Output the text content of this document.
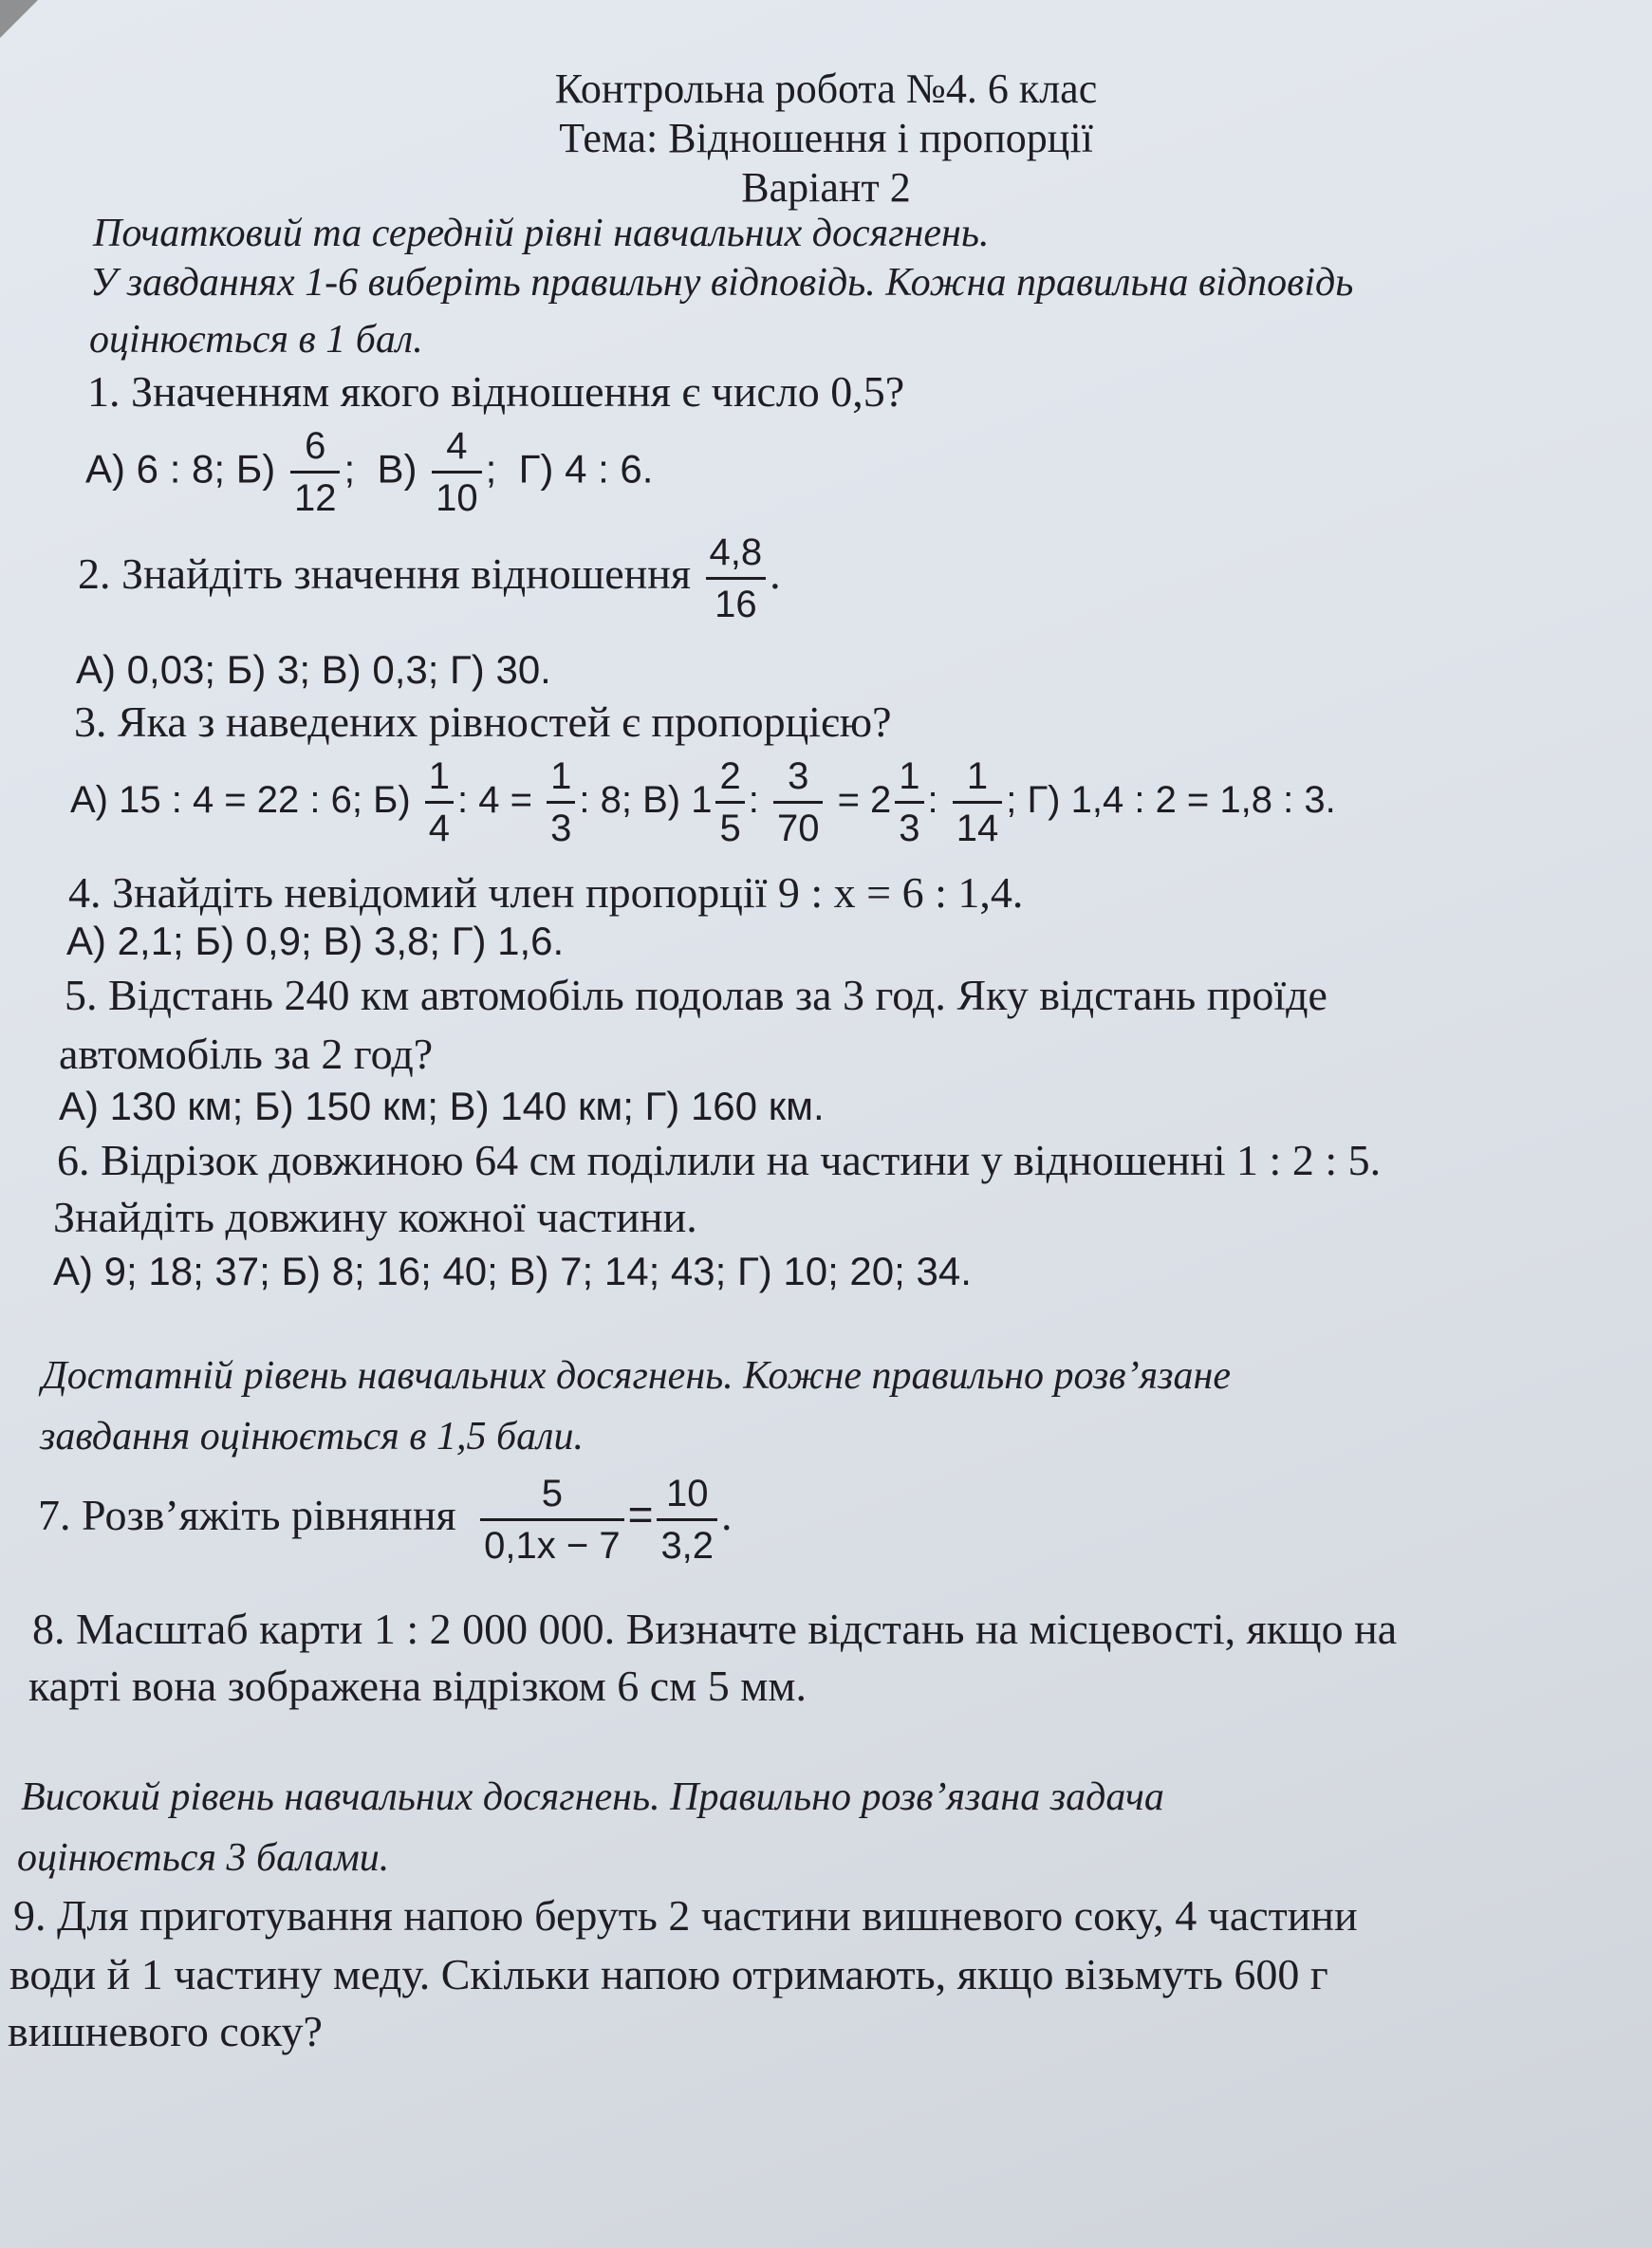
Контрольна робота №4. 6 клас
Тема: Відношення і пропорції
Варіант 2
Початковий та середній рівні навчальних досягнень.
У завданнях 1-6 виберіть правильну відповідь. Кожна правильна відповідь
оцінюється в 1 бал.
1. Значенням якого відношення є число 0,5?
А) 6 : 8; $Б) \frac{6}{12}$ ; $В) \frac{4}{10}$ ; Г) 4 : 6.
2. Знайдіть значення відношення $\frac{4,8}{16}$ .
А) 0,03; Б) 3; В) 0,3; Г) 30.
3. Яка з наведених рівностей є пропорцією?
А) 15 : 4 = 22 : 6; $Б) \frac{1}{4}$ : $4 = \frac{1}{3}$ : 8; В) $1 \frac{2}{5}$ : $\frac{3}{70} = 2 \frac{1}{3}$ : $\frac{1}{14}$ ; Г) 1,4 : 2 = 1,8 : 3.
4. Знайдіть невідомий член пропорції 9 : x = 6 : 1,4.
А) 2,1; Б) 0,9; В) 3,8; Г) 1,6.
5. Відстань 240 км автомобіль подолав за 3 год. Яку відстань проїде
автомобіль за 2 год?
А) 130 км; Б) 150 км; В) 140 км; Г) 160 км.
6. Відрізок довжиною 64 см поділили на частини у відношенні 1 : 2 : 5.
Знайдіть довжину кожної частини.
А) 9; 18; 37; Б) 8; 16; 40; В) 7; 14; 43; Г) 10; 20; 34.
Достатній рівень навчальних досягнень. Кожне правильно розв’язане
завдання оцінюється в 1,5 бали.
7. Розв’яжіть рівняння $\frac{5}{0,1x - 7} = \frac{10}{3,2}$ .
8. Масштаб карти 1 : 2 000 000. Визначте відстань на місцевості, якщо на
карті вона зображена відрізком 6 см 5 мм.
Високий рівень навчальних досягнень. Правильно розв’язана задача
оцінюється 3 балами.
9. Для приготування напою беруть 2 частини вишневого соку, 4 частини
води й 1 частину меду. Скільки напою отримають, якщо візьмуть 600 г
вишневого соку?
